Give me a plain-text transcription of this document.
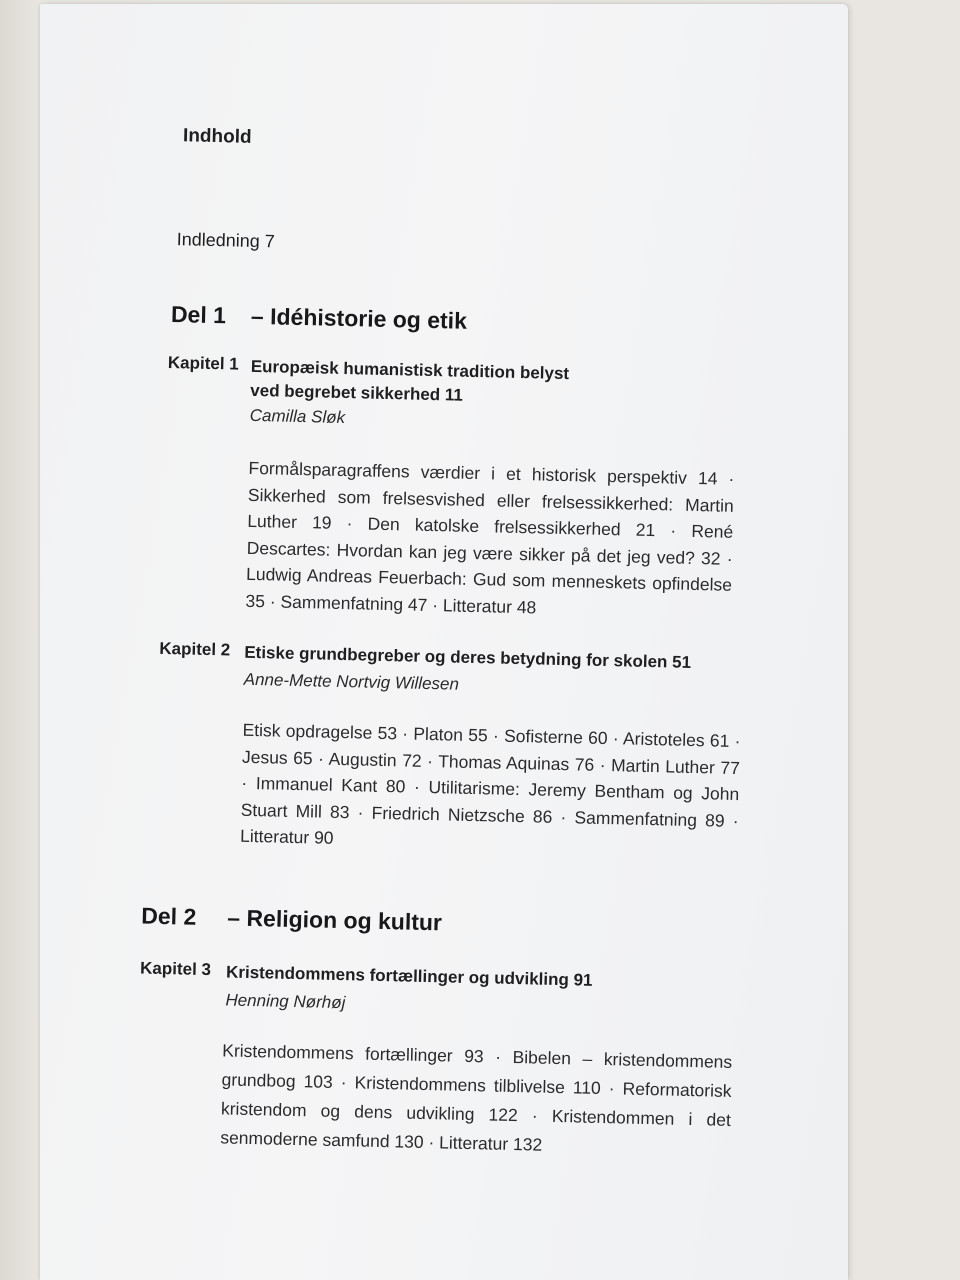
Indhold
Indledning 7
Del 1 – Idéhistorie og etik
Kapitel 1 Europæisk humanistisk tradition belyst
ved begrebet sikkerhed 11
Camilla Sløk
Formålsparagraffens værdier i et historisk perspektiv 14 · Sikkerhed som frelsesvished eller frelsessikkerhed: Martin Luther 19 · Den katolske frelsessikkerhed 21 · René Descartes: Hvordan kan jeg være sikker på det jeg ved? 32 · Ludwig Andreas Feuerbach: Gud som menneskets opfindelse 35 · Sammenfatning 47 · Litteratur 48
Kapitel 2 Etiske grundbegreber og deres betydning for skolen 51
Anne-Mette Nortvig Willesen
Etisk opdragelse 53 · Platon 55 · Sofisterne 60 · Aristoteles 61 · Jesus 65 · Augustin 72 · Thomas Aquinas 76 · Martin Luther 77 · Immanuel Kant 80 · Utilitarisme: Jeremy Bentham og John Stuart Mill 83 · Friedrich Nietzsche 86 · Sammenfatning 89 · Litteratur 90
Del 2 – Religion og kultur
Kapitel 3 Kristendommens fortællinger og udvikling 91
Henning Nørhøj
Kristendommens fortællinger 93 · Bibelen – kristendommens grundbog 103 · Kristendommens tilblivelse 110 · Reformatorisk kristendom og dens udvikling 122 · Kristendommen i det senmoderne samfund 130 · Litteratur 132
